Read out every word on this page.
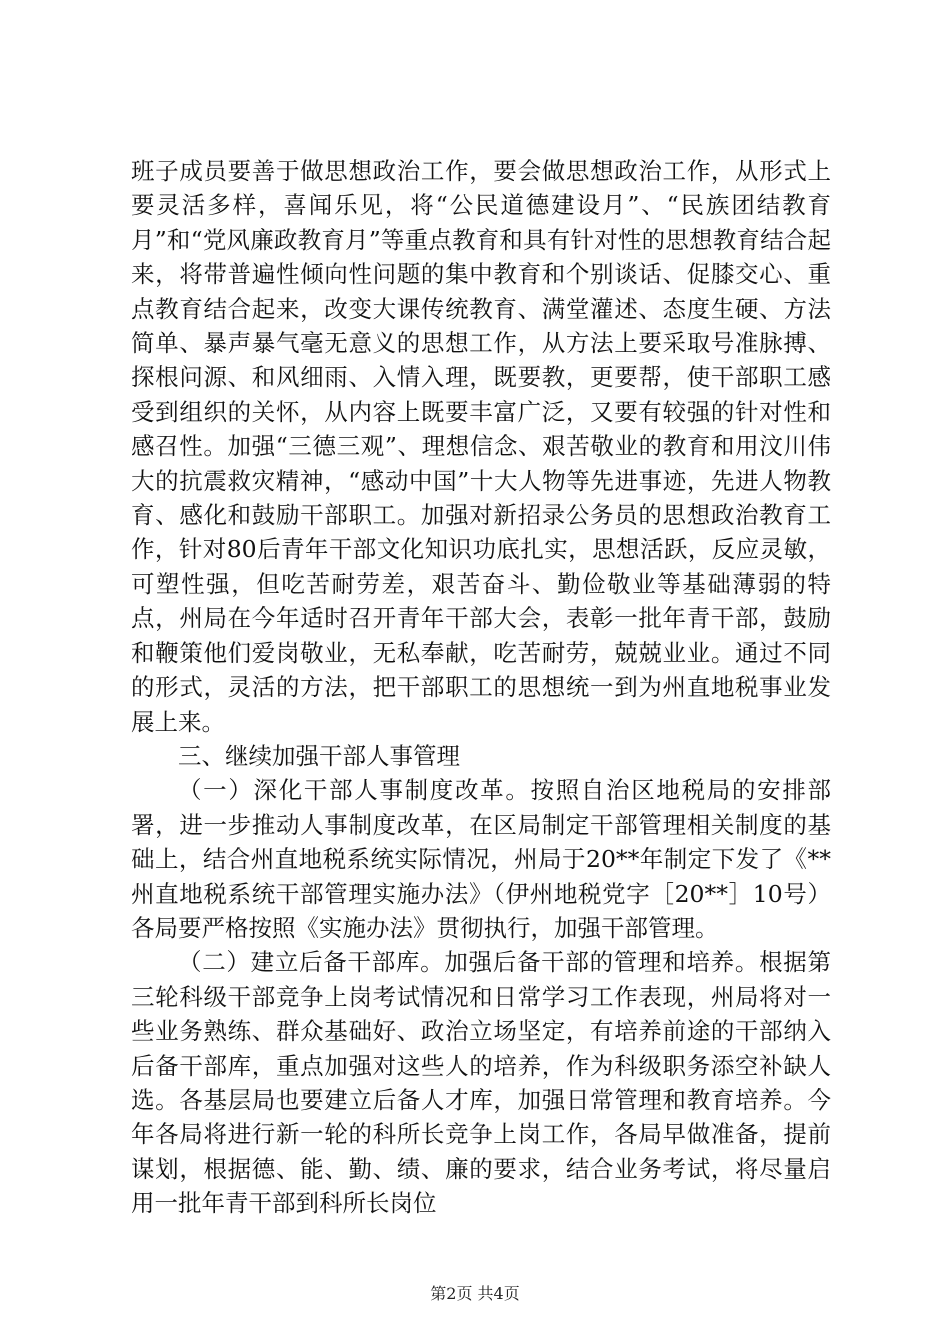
班子成员要善于做思想政治工作，要会做思想政治工作，从形式上要灵活多样，喜闻乐见，将“公民道德建设月”、“民族团结教育月”和“党风廉政教育月”等重点教育和具有针对性的思想教育结合起来，将带普遍性倾向性问题的集中教育和个别谈话、促膝交心、重点教育结合起来，改变大课传统教育、满堂灌述、态度生硬、方法简单、暴声暴气毫无意义的思想工作，从方法上要采取号准脉搏、探根问源、和风细雨、入情入理，既要教，更要帮，使干部职工感受到组织的关怀，从内容上既要丰富广泛，又要有较强的针对性和感召性。加强“三德三观”、理想信念、艰苦敬业的教育和用汶川伟大的抗震救灾精神，“感动中国”十大人物等先进事迹，先进人物教育、感化和鼓励干部职工。加强对新招录公务员的思想政治教育工作，针对80后青年干部文化知识功底扎实，思想活跃，反应灵敏，可塑性强，但吃苦耐劳差，艰苦奋斗、勤俭敬业等基础薄弱的特点，州局在今年适时召开青年干部大会，表彰一批年青干部，鼓励和鞭策他们爱岗敬业，无私奉献，吃苦耐劳，兢兢业业。通过不同的形式，灵活的方法，把干部职工的思想统一到为州直地税事业发展上来。

三、继续加强干部人事管理

（一）深化干部人事制度改革。按照自治区地税局的安排部署，进一步推动人事制度改革，在区局制定干部管理相关制度的基础上，结合州直地税系统实际情况，州局于20**年制定下发了《**州直地税系统干部管理实施办法》（伊州地税党字［20**］10号）各局要严格按照《实施办法》贯彻执行，加强干部管理。

（二）建立后备干部库。加强后备干部的管理和培养。根据第三轮科级干部竞争上岗考试情况和日常学习工作表现，州局将对一些业务熟练、群众基础好、政治立场坚定，有培养前途的干部纳入后备干部库，重点加强对这些人的培养，作为科级职务添空补缺人选。各基层局也要建立后备人才库，加强日常管理和教育培养。今年各局将进行新一轮的科所长竞争上岗工作，各局早做准备，提前谋划，根据德、能、勤、绩、廉的要求，结合业务考试，将尽量启用一批年青干部到科所长岗位

第2页 共4页
